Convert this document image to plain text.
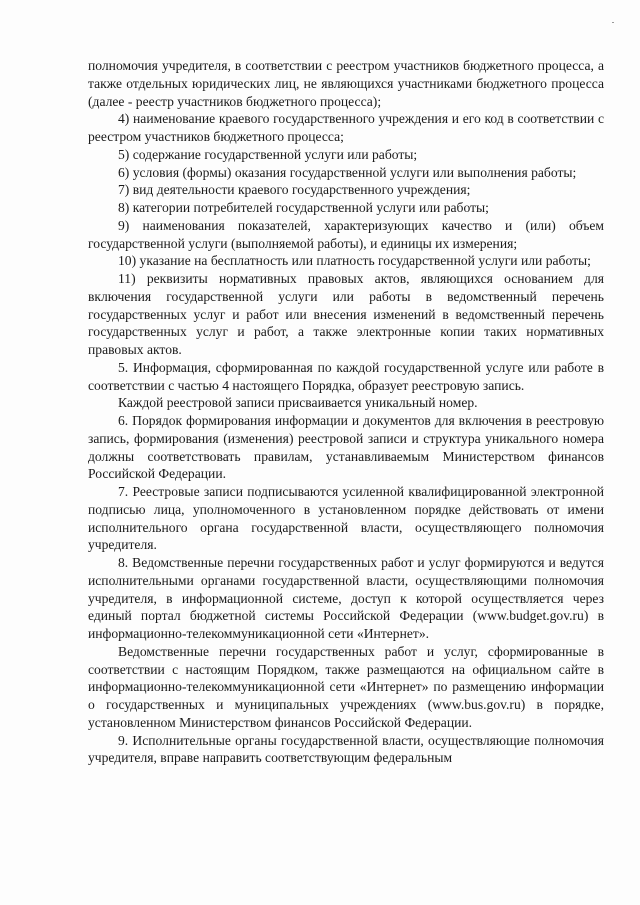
полномочия учредителя, в соответствии с реестром участников бюджетного процесса, а также отдельных юридических лиц, не являющихся участниками бюджетного процесса (далее - реестр участников бюджетного процесса);

4) наименование краевого государственного учреждения и его код в соответствии с реестром участников бюджетного процесса;

5) содержание государственной услуги или работы;

6) условия (формы) оказания государственной услуги или выполнения работы;

7) вид деятельности краевого государственного учреждения;

8) категории потребителей государственной услуги или работы;

9) наименования показателей, характеризующих качество и (или) объем государственной услуги (выполняемой работы), и единицы их измерения;

10) указание на бесплатность или платность государственной услуги или работы;

11) реквизиты нормативных правовых актов, являющихся основанием для включения государственной услуги или работы в ведомственный перечень государственных услуг и работ или внесения изменений в ведомственный перечень государственных услуг и работ, а также электронные копии таких нормативных правовых актов.

5. Информация, сформированная по каждой государственной услуге или работе в соответствии с частью 4 настоящего Порядка, образует реестровую запись.

Каждой реестровой записи присваивается уникальный номер.

6. Порядок формирования информации и документов для включения в реестровую запись, формирования (изменения) реестровой записи и структура уникального номера должны соответствовать правилам, устанавливаемым Министерством финансов Российской Федерации.

7. Реестровые записи подписываются усиленной квалифицированной электронной подписью лица, уполномоченного в установленном порядке действовать от имени исполнительного органа государственной власти, осуществляющего полномочия учредителя.

8. Ведомственные перечни государственных работ и услуг формируются и ведутся исполнительными органами государственной власти, осуществляющими полномочия учредителя, в информационной системе, доступ к которой осуществляется через единый портал бюджетной системы Российской Федерации (www.budget.gov.ru) в информационно-телекоммуникационной сети «Интернет».

Ведомственные перечни государственных работ и услуг, сформированные в соответствии с настоящим Порядком, также размещаются на официальном сайте в информационно-телекоммуникационной сети «Интернет» по размещению информации о государственных и муниципальных учреждениях (www.bus.gov.ru) в порядке, установленном Министерством финансов Российской Федерации.

9. Исполнительные органы государственной власти, осуществляющие полномочия учредителя, вправе направить соответствующим федеральным
